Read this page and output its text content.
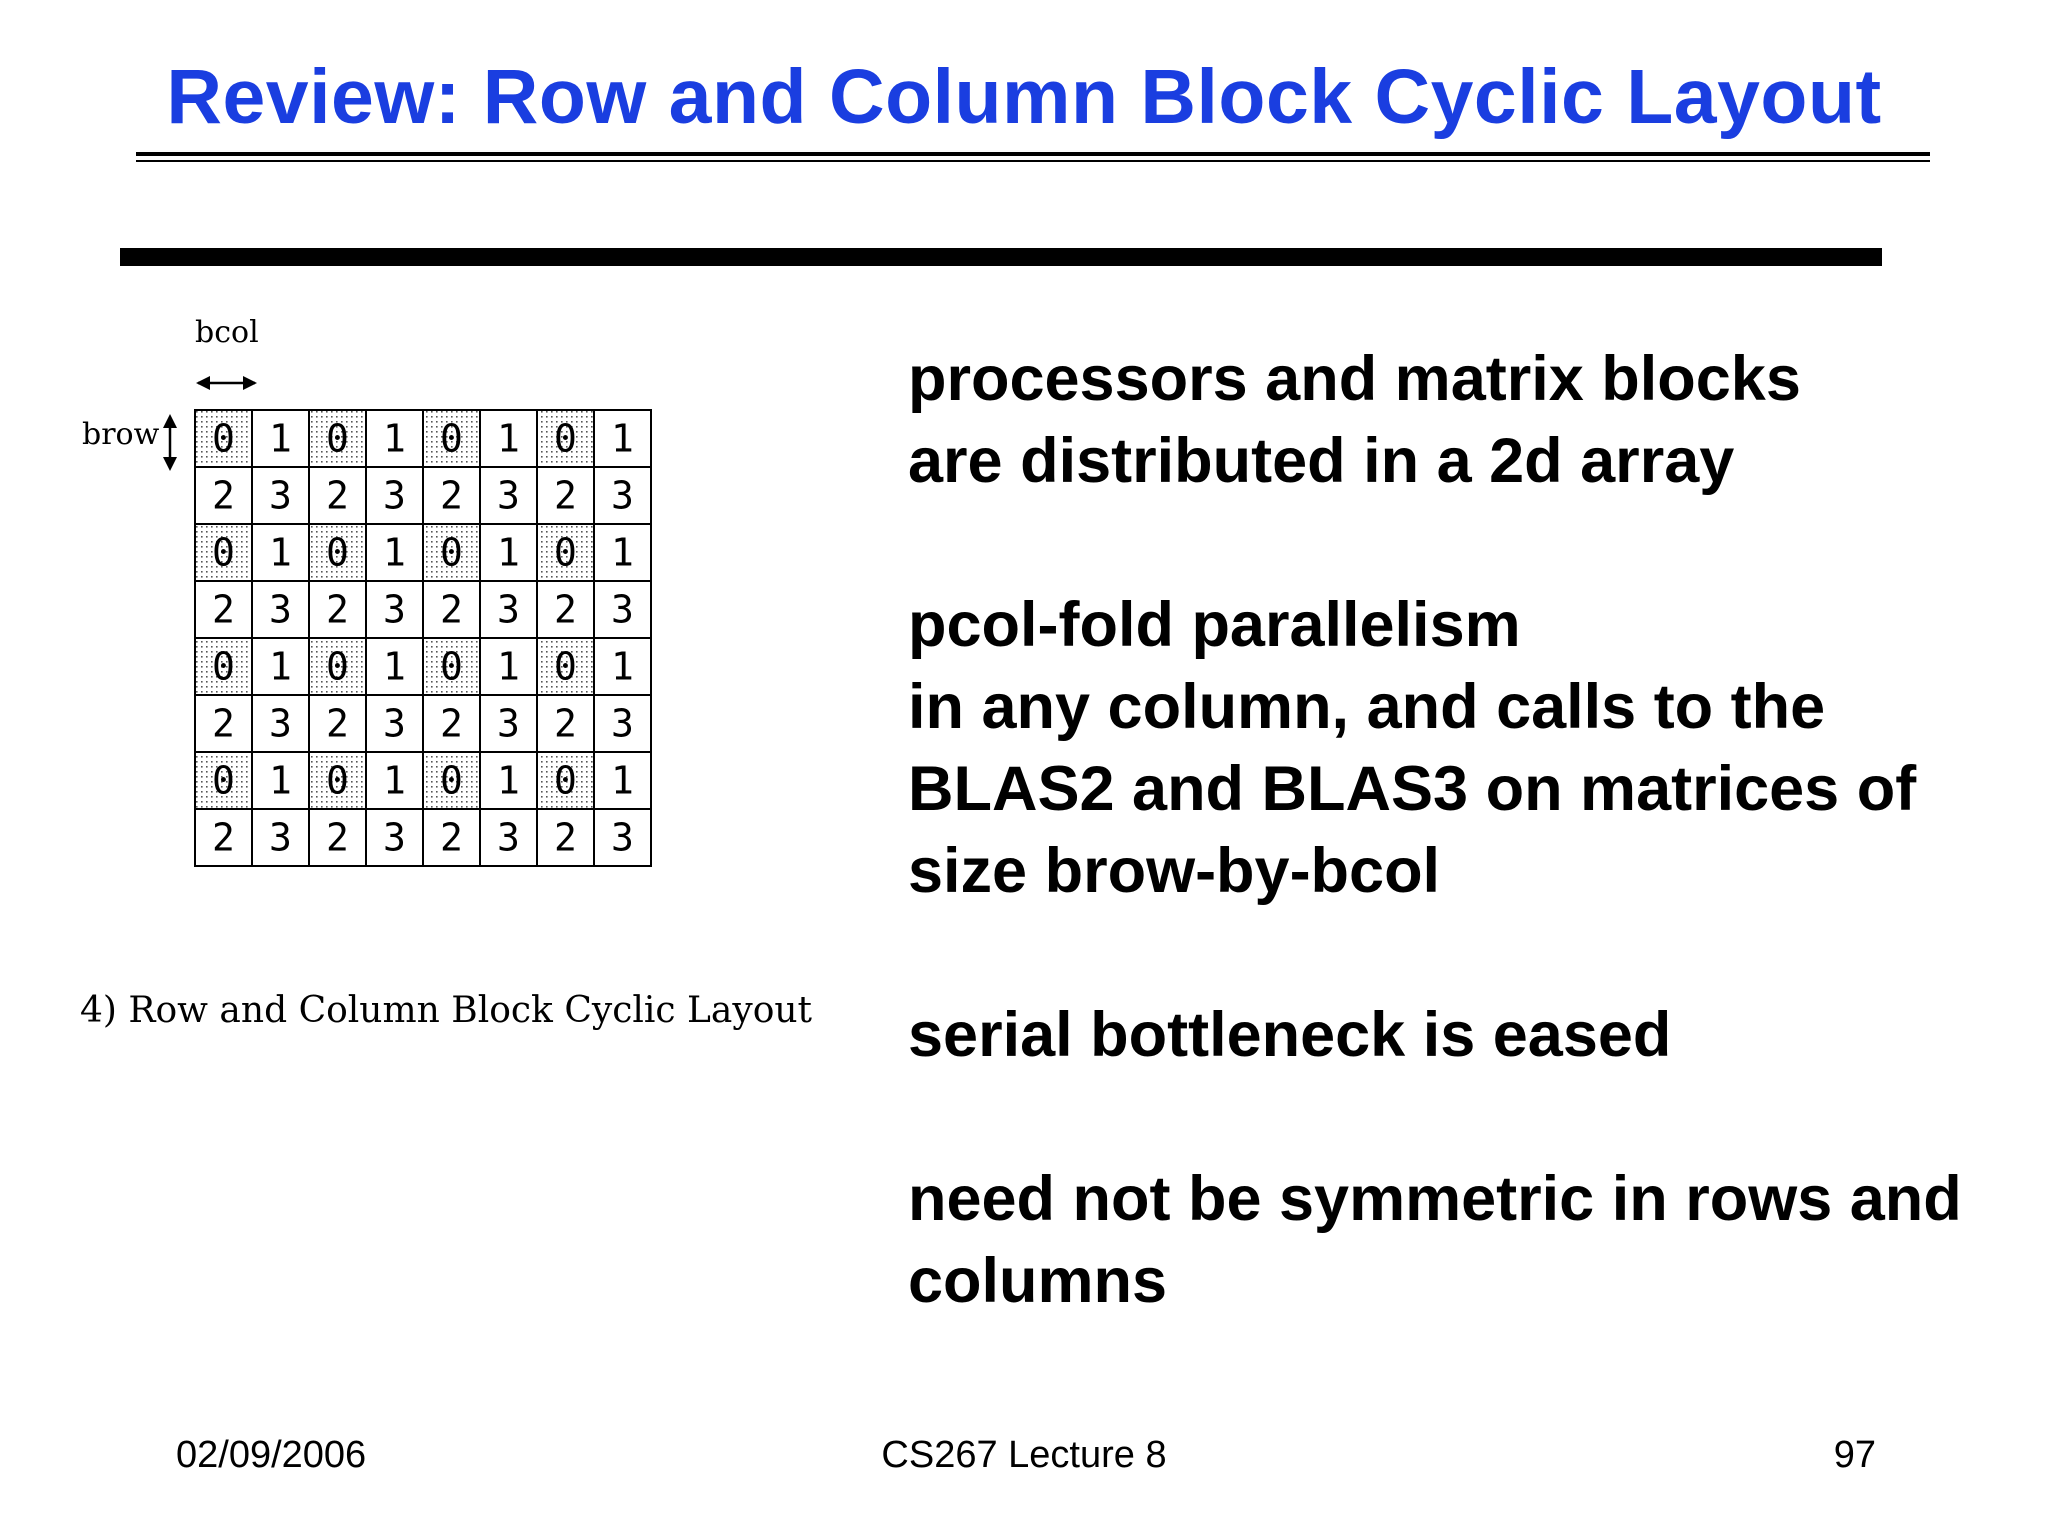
Review: Row and Column Block Cyclic Layout
bcol
brow 0 1 0 1 0 1 0 1
2 3 2 3 2 3 2 3
0 1 0 1 0 1 0 1
2 3 2 3 2 3 2 3
0 1 0 1 0 1 0 1
2 3 2 3 2 3 2 3
0 1 0 1 0 1 0 1
2 3 2 3 2 3 2 3
4) Row and Column Block Cyclic Layout
processors and matrix blocks
are distributed in a 2d array
pcol-fold parallelism
in any column, and calls to the
BLAS2 and BLAS3 on matrices of
size brow-by-bcol
serial bottleneck is eased
need not be symmetric in rows and
columns
02/09/2006	CS267 Lecture 8	97
